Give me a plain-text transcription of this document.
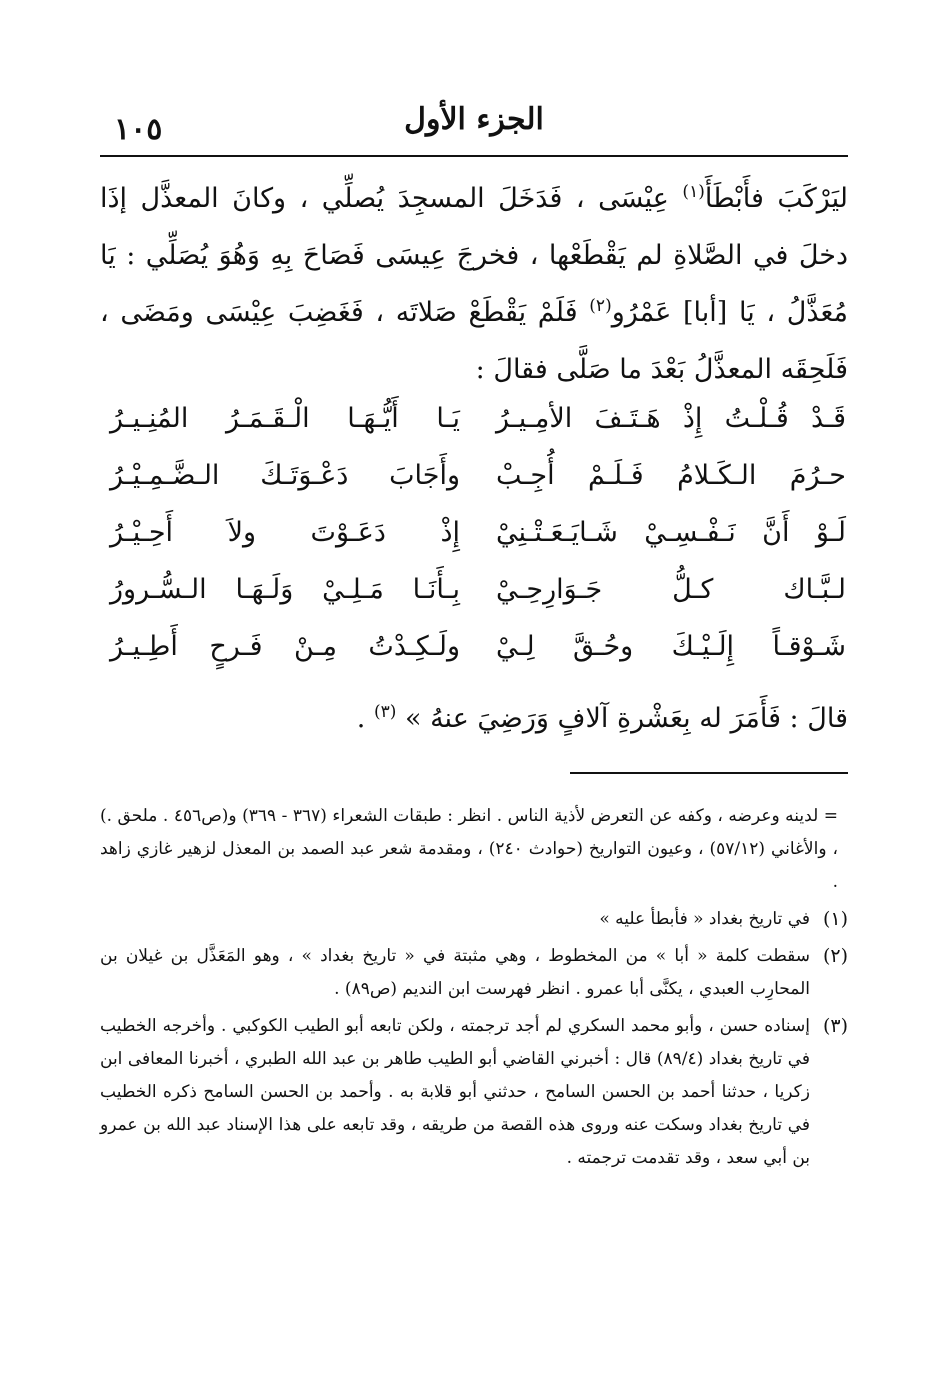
١٠٥	الجزء الأول

ليَرْكَبَ فأَبْطَأَ$^{(١)}$ عِيْسَى ، فَدَخَلَ المسجِدَ يُصلِّي ، وكانَ المعذَّل إذَا دخلَ في الصَّلاةِ لم يَقْطَعْها ، فخرجَ عِيسَى فَصَاحَ بِهِ وَهُوَ يُصَلِّي : يَا مُعَذَّلُ ، يَا [أبا] عَمْرُو$^{(٢)}$ فَلَمْ يَقْطَعْ صَلاتَه ، فَغَضِبَ عِيْسَى ومَضَى ، فَلَحِقَه المعذَّلُ بَعْدَ ما صَلَّى فقالَ :

قَـدْ قُـلْـتُ إِذْ هَـتَـفَ الأمِـيـرُ
يَـا أَيُّـهَـا الْـقَـمَـرُ المُنِـيـرُ
حـرُمَ الـكَـلامُ فَـلَـمْ أُجِـبْ
وأَجَابَ دَعْـوَتَـكَ الـضَّـمِـيْـرُ
لَـوْ أَنَّ نَـفْـسِـيْ شَـايَـعَـتْـنِيْ
إِذْ دَعَـوْتَ ولاَ أَحِـيْـرُ
لـبَّـاك كـلُّ جَـوَارِحِـيْ
بِـأَنَـا مَـلِـيْ وَلَـهَـا الـسُّـرورُ
شَـوْقـاً إِلَـيْـكَ وحُـقَّ لِـيْ
ولَـكِـدْتُ مِـنْ فَـرحٍ أَطِـيـرُ
قالَ : فَأَمَرَ له بِعَشْرةِ آلافٍ وَرَضِيَ عنهُ » $^{(٣)}$ .

= لدينه وعرضه ، وكفه عن التعرض لأذية الناس . انظر : طبقات الشعراء (٣٦٧ - ٣٦٩) و(ص٤٥٦ . ملحق .) ، والأغاني (٥٧/١٢) ، وعيون التواريخ (حوادث ٢٤٠) ، ومقدمة شعر عبد الصمد بن المعذل لزهير غازي زاهد .

(١)
في تاريخ بغداد « فأبطأ عليه »
(٢)
سقطت كلمة « أبا » من المخطوط ، وهي مثبتة في « تاريخ بغداد » ، وهو المَعَذَّل بن غيلان بن المحارِب العبدي ، يكنَّى أبا عمرو . انظر فهرست ابن النديم (ص٨٩) .
(٣)
إسناده حسن ، وأبو محمد السكري لم أجد ترجمته ، ولكن تابعه أبو الطيب الكوكبي . وأخرجه الخطيب في تاريخ بغداد (٨٩/٤) قال : أخبرني القاضي أبو الطيب طاهر بن عبد الله الطبري ، أخبرنا المعافى ابن زكريا ، حدثنا أحمد بن الحسن السامح ، حدثني أبو قلابة به . وأحمد بن الحسن السامح ذكره الخطيب في تاريخ بغداد وسكت عنه وروى هذه القصة من طريقه ، وقد تابعه على هذا الإسناد عبد الله بن عمرو بن أبي سعد ، وقد تقدمت ترجمته .
